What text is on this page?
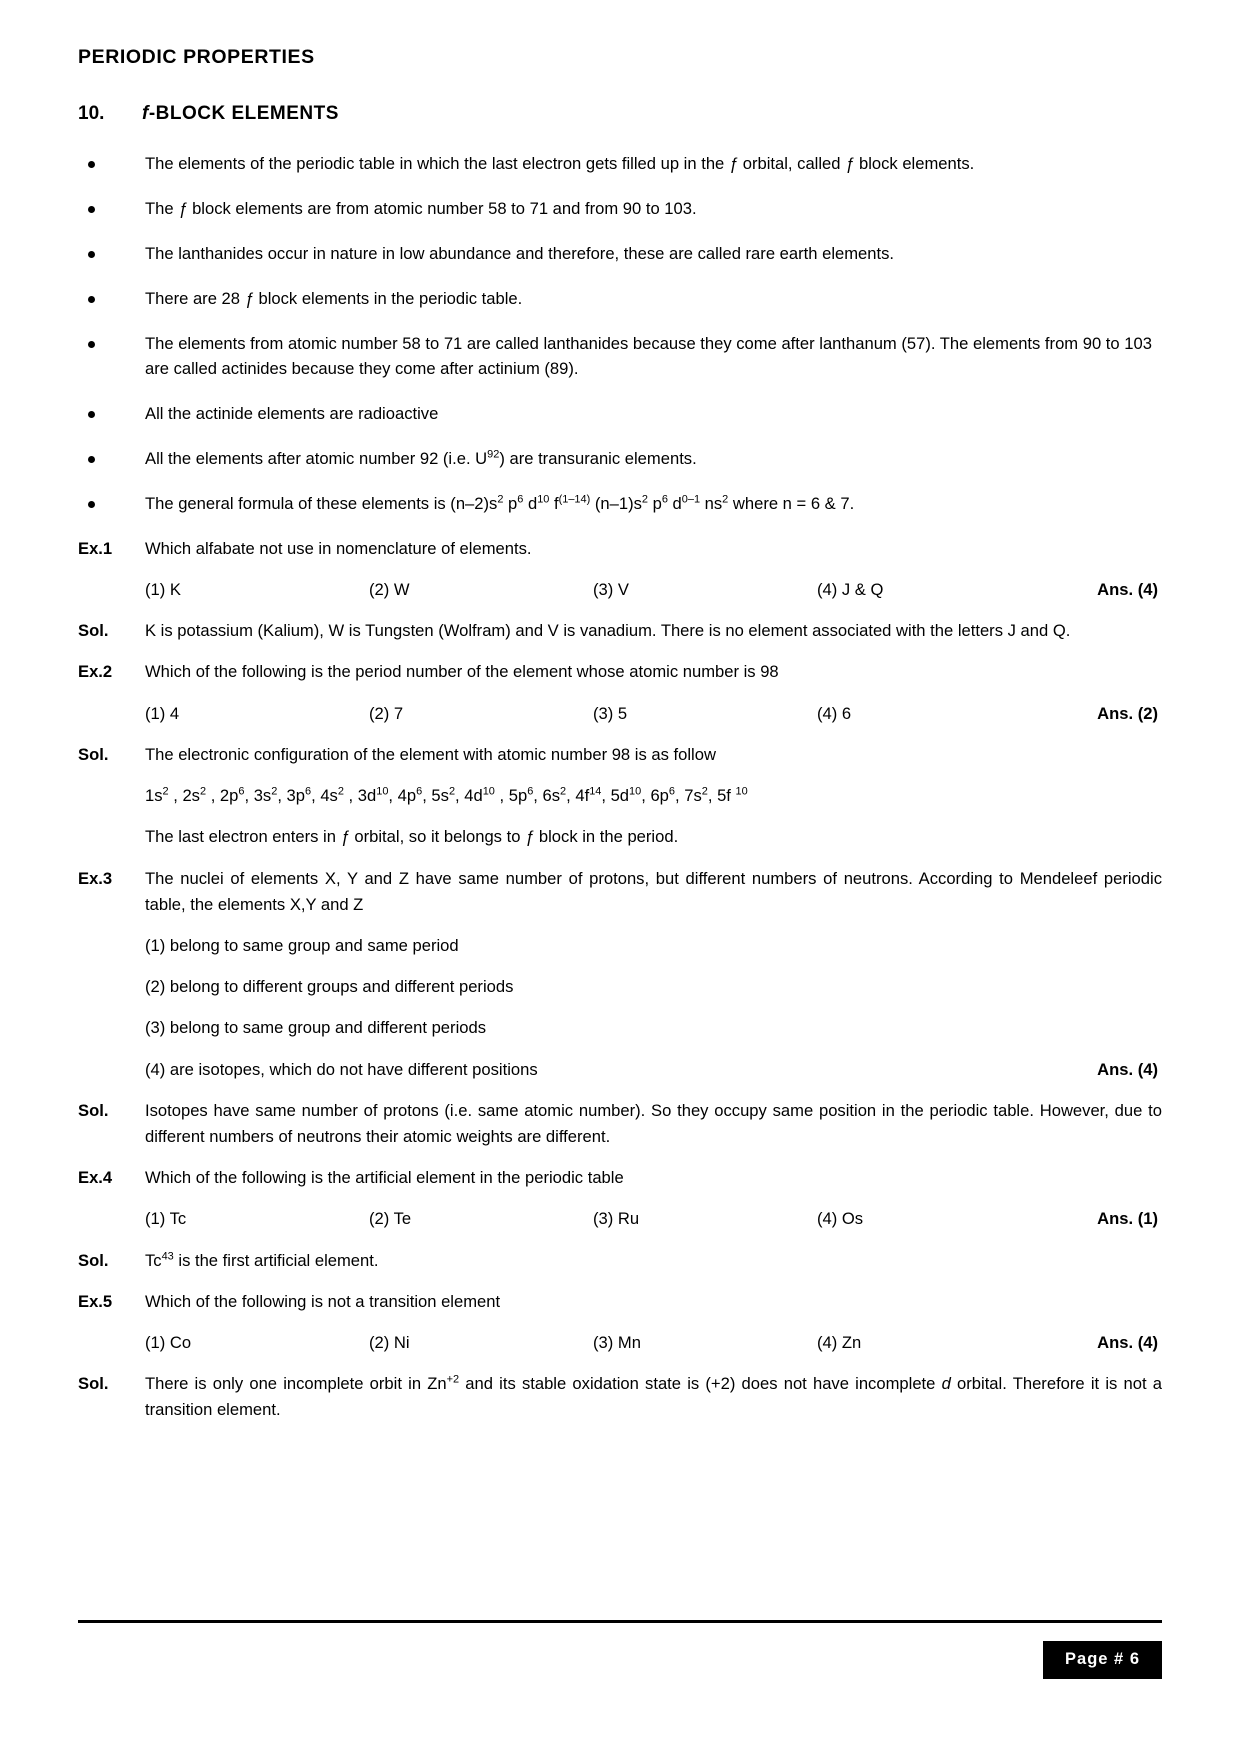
PERIODIC PROPERTIES
10.	f-BLOCK ELEMENTS
The elements of the periodic table in which the last electron gets filled up in the ƒ orbital, called ƒ block elements.
The ƒ block elements are from atomic number 58 to 71 and from 90 to 103.
The lanthanides occur in nature in low abundance and therefore, these are called rare earth elements.
There are 28 ƒ block elements in the periodic table.
The elements from atomic number 58 to 71 are called lanthanides because they come after lanthanum (57). The elements from 90 to 103 are called actinides because they come after actinium (89).
All the actinide elements are radioactive
All the elements after atomic number 92 (i.e. $U^{92}$) are transuranic elements.
The general formula of these elements is $(n-2)s^2$ $p^6$ $d^{10}$ $f^{(1-14)}$ $(n-1)s^2$ $p^6$ $d^{0-1}$ $ns^2$ where n = 6 & 7.
Ex.1	Which alfabate not use in nomenclature of elements.
(1) K	(2) W	(3) V	(4) J & Q	Ans. (4)
Sol.	K is potassium (Kalium), W is Tungsten (Wolfram) and V is vanadium. There is no element associated with the letters J and Q.
Ex.2	Which of the following is the period number of the element whose atomic number is 98
(1) 4	(2) 7	(3) 5	(4) 6	Ans. (2)
Sol.	The electronic configuration of the element with atomic number 98 is as follow
$1s^2$ , $2s^2$ , $2p^6$, $3s^2$, $3p^6$, $4s^2$ , $3d^{10}$, $4p^6$, $5s^2$, $4d^{10}$ , $5p^6$, $6s^2$, $4f^{14}$, $5d^{10}$, $6p^6$, $7s^2$, 5f $^{10}$
The last electron enters in ƒ orbital, so it belongs to ƒ block in the period.
Ex.3	The nuclei of elements X, Y and Z have same number of protons, but different numbers of neutrons. According to Mendeleef periodic table, the elements X,Y and Z
(1) belong to same group and same period
(2) belong to different groups and different periods
(3) belong to same group and different periods
(4) are isotopes, which do not have different positions	Ans. (4)
Sol.	Isotopes have same number of protons (i.e. same atomic number). So they occupy same position in the periodic table. However, due to different numbers of neutrons their atomic weights are different.
Ex.4	Which of the following is the artificial element in the periodic table
(1) Tc	(2) Te	(3) Ru	(4) Os	Ans. (1)
Sol.	Tc$^{43}$ is the first artificial element.
Ex.5	Which of the following is not a transition element
(1) Co	(2) Ni	(3) Mn	(4) Zn	Ans. (4)
Sol.	There is only one incomplete orbit in $Zn^{+2}$ and its stable oxidation state is (+2) does not have incomplete d orbital. Therefore it is not a transition element.
Page # 6
